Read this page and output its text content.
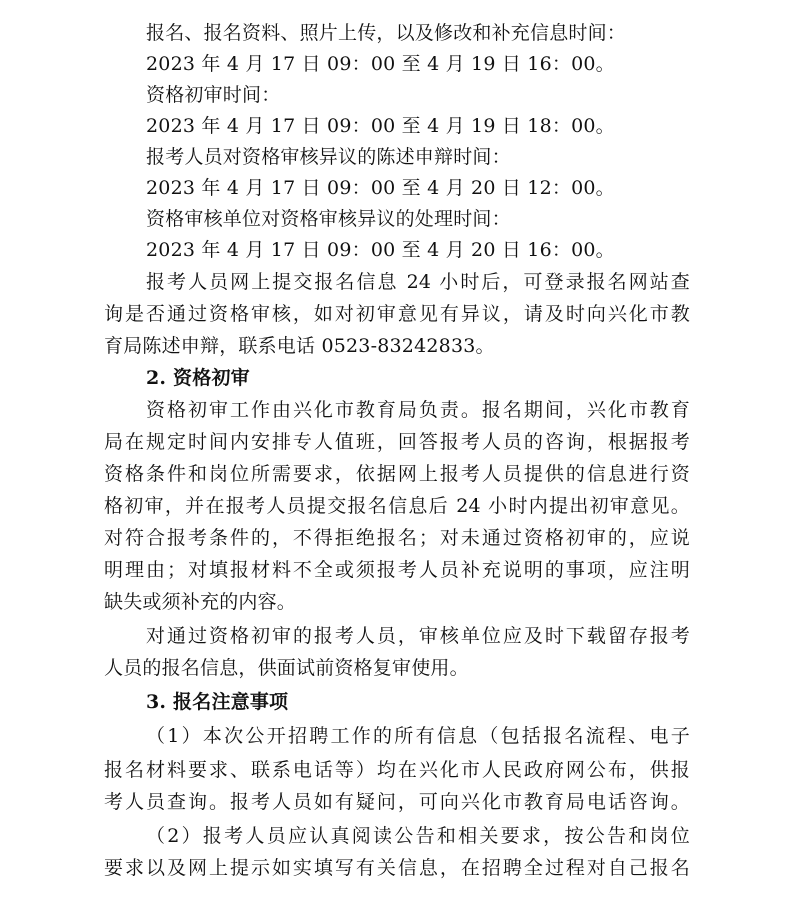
报名、报名资料、照片上传，以及修改和补充信息时间：
2023 年 4 月 17 日 09：00 至 4 月 19 日 16：00。
资格初审时间：
2023 年 4 月 17 日 09：00 至 4 月 19 日 18：00。
报考人员对资格审核异议的陈述申辩时间：
2023 年 4 月 17 日 09：00 至 4 月 20 日 12：00。
资格审核单位对资格审核异议的处理时间：
2023 年 4 月 17 日 09：00 至 4 月 20 日 16：00。
报考人员网上提交报名信息 24 小时后，可登录报名网站查
询是否通过资格审核，如对初审意见有异议，请及时向兴化市教
育局陈述申辩，联系电话 0523-83242833。
2. 资格初审
资格初审工作由兴化市教育局负责。报名期间，兴化市教育
局在规定时间内安排专人值班，回答报考人员的咨询，根据报考
资格条件和岗位所需要求，依据网上报考人员提供的信息进行资
格初审，并在报考人员提交报名信息后 24 小时内提出初审意见。
对符合报考条件的，不得拒绝报名；对未通过资格初审的，应说
明理由；对填报材料不全或须报考人员补充说明的事项，应注明
缺失或须补充的内容。
对通过资格初审的报考人员，审核单位应及时下载留存报考
人员的报名信息，供面试前资格复审使用。
3. 报名注意事项
（1）本次公开招聘工作的所有信息（包括报名流程、电子
报名材料要求、联系电话等）均在兴化市人民政府网公布，供报
考人员查询。报考人员如有疑问，可向兴化市教育局电话咨询。
（2）报考人员应认真阅读公告和相关要求，按公告和岗位
要求以及网上提示如实填写有关信息，在招聘全过程对自己报名
